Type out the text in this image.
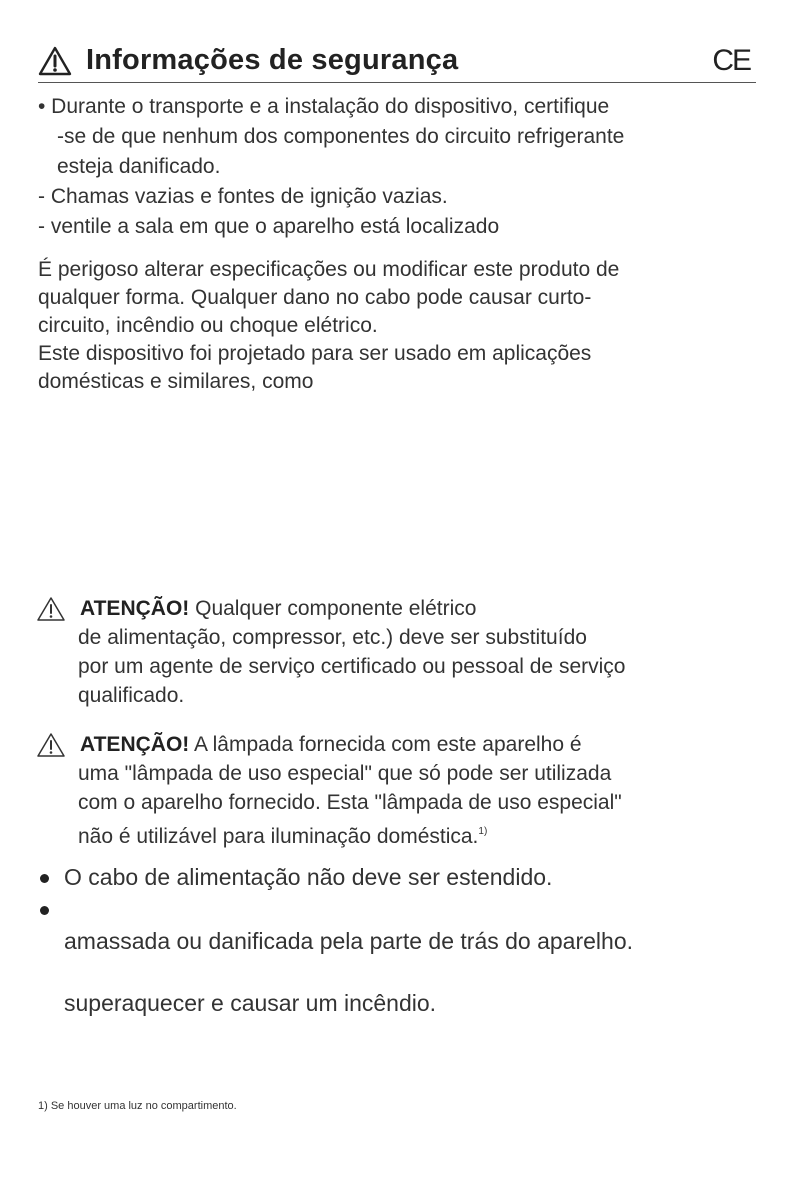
Informações de segurança	CE
• Durante o transporte e a instalação do dispositivo, certifique
-se de que nenhum dos componentes do circuito refrigerante
esteja danificado.
- Chamas vazias e fontes de ignição vazias.
- ventile a sala em que o aparelho está localizado
É perigoso alterar especificações ou modificar este produto de
qualquer forma. Qualquer dano no cabo pode causar curto-
circuito, incêndio ou choque elétrico.
Este dispositivo foi projetado para ser usado em aplicações
domésticas e similares, como
ATENÇÃO! Qualquer componente elétrico
de alimentação, compressor, etc.) deve ser substituído
por um agente de serviço certificado ou pessoal de serviço
qualificado.
ATENÇÃO! A lâmpada fornecida com este aparelho é
uma "lâmpada de uso especial" que só pode ser utilizada
com o aparelho fornecido. Esta "lâmpada de uso especial"
não é utilizável para iluminação doméstica.$^{1)}$
O cabo de alimentação não deve ser estendido.
amassada ou danificada pela parte de trás do aparelho.
superaquecer e causar um incêndio.
1) Se houver uma luz no compartimento.
